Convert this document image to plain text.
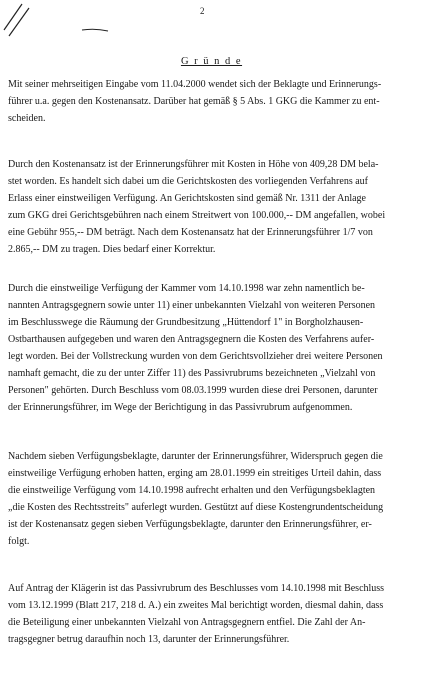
2
G r ü n d e
Mit seiner mehrseitigen Eingabe vom 11.04.2000 wendet sich der Beklagte und Erinnerungs-
führer u.a. gegen den Kostenansatz. Darüber hat gemäß § 5 Abs. 1 GKG die Kammer zu ent-
scheiden.
Durch den Kostenansatz ist der Erinnerungsführer mit Kosten in Höhe von 409,28 DM bela-
stet worden. Es handelt sich dabei um die Gerichtskosten des vorliegenden Verfahrens auf
Erlass einer einstweiligen Verfügung. An Gerichtskosten sind gemäß Nr. 1311 der Anlage
zum GKG drei Gerichtsgebühren nach einem Streitwert von 100.000,-- DM angefallen, wobei
eine Gebühr 955,-- DM beträgt. Nach dem Kostenansatz hat der Erinnerungsführer 1/7 von
2.865,-- DM zu tragen. Dies bedarf einer Korrektur.
Durch die einstweilige Verfügung der Kammer vom 14.10.1998 war zehn namentlich be-
nannten Antragsgegnern sowie unter 11) einer unbekannten Vielzahl von weiteren Personen
im Beschlusswege die Räumung der Grundbesitzung „Hüttendorf 1" in Borgholzhausen-
Ostbarthausen aufgegeben und waren den Antragsgegnern die Kosten des Verfahrens aufer-
legt worden. Bei der Vollstreckung wurden von dem Gerichtsvollzieher drei weitere Personen
namhaft gemacht, die zu der unter Ziffer 11) des Passivrubrums bezeichneten „Vielzahl von
Personen" gehörten. Durch Beschluss vom 08.03.1999 wurden diese drei Personen, darunter
der Erinnerungsführer, im Wege der Berichtigung in das Passivrubrum aufgenommen.
Nachdem sieben Verfügungsbeklagte, darunter der Erinnerungsführer, Widerspruch gegen die
einstweilige Verfügung erhoben hatten, erging am 28.01.1999 ein streitiges Urteil dahin, dass
die einstweilige Verfügung vom 14.10.1998 aufrecht erhalten und den Verfügungsbeklagten
„die Kosten des Rechtsstreits" auferlegt wurden. Gestützt auf diese Kostengrundentscheidung
ist der Kostenansatz gegen sieben Verfügungsbeklagte, darunter den Erinnerungsführer, er-
folgt.
Auf Antrag der Klägerin ist das Passivrubrum des Beschlusses vom 14.10.1998 mit Beschluss
vom 13.12.1999 (Blatt 217, 218 d. A.) ein zweites Mal berichtigt worden, diesmal dahin, dass
die Beteiligung einer unbekannten Vielzahl von Antragsgegnern entfiel. Die Zahl der An-
tragsgegner betrug daraufhin noch 13, darunter der Erinnerungsführer.
